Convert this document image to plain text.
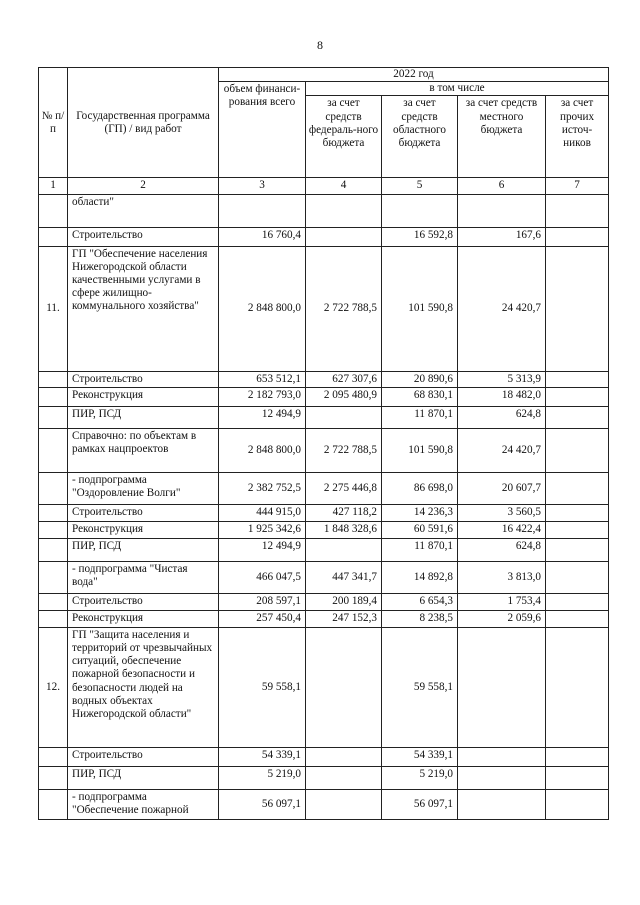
8
№ п/п	Государственная программа (ГП) / вид работ	2022 год				
		объем финанси-рования всего	в том числе			
			за счет средств федераль-ного бюджета	за счет средств областного бюджета	за счет средств местного бюджета	за счет прочих источ-ников
1	2	3	4	5	6	7
	области"					
	Строительство	16 760,4		16 592,8	167,6	
11.	ГП "Обеспечение населения Нижегородской области качественными услугами в сфере жилищно-коммунального хозяйства"	2 848 800,0	2 722 788,5	101 590,8	24 420,7	
	Строительство	653 512,1	627 307,6	20 890,6	5 313,9	
	Реконструкция	2 182 793,0	2 095 480,9	68 830,1	18 482,0	
	ПИР, ПСД	12 494,9		11 870,1	624,8	
	Справочно: по объектам в рамках нацпроектов	2 848 800,0	2 722 788,5	101 590,8	24 420,7	
	- подпрограмма "Оздоровление Волги"	2 382 752,5	2 275 446,8	86 698,0	20 607,7	
	Строительство	444 915,0	427 118,2	14 236,3	3 560,5	
	Реконструкция	1 925 342,6	1 848 328,6	60 591,6	16 422,4	
	ПИР, ПСД	12 494,9		11 870,1	624,8	
	- подпрограмма "Чистая вода"	466 047,5	447 341,7	14 892,8	3 813,0	
	Строительство	208 597,1	200 189,4	6 654,3	1 753,4	
	Реконструкция	257 450,4	247 152,3	8 238,5	2 059,6	
12.	ГП "Защита населения и территорий от чрезвычайных ситуаций, обеспечение пожарной безопасности и безопасности людей на водных объектах Нижегородской области"	59 558,1		59 558,1		
	Строительство	54 339,1		54 339,1		
	ПИР, ПСД	5 219,0		5 219,0		
	- подпрограмма "Обеспечение пожарной	56 097,1		56 097,1		
